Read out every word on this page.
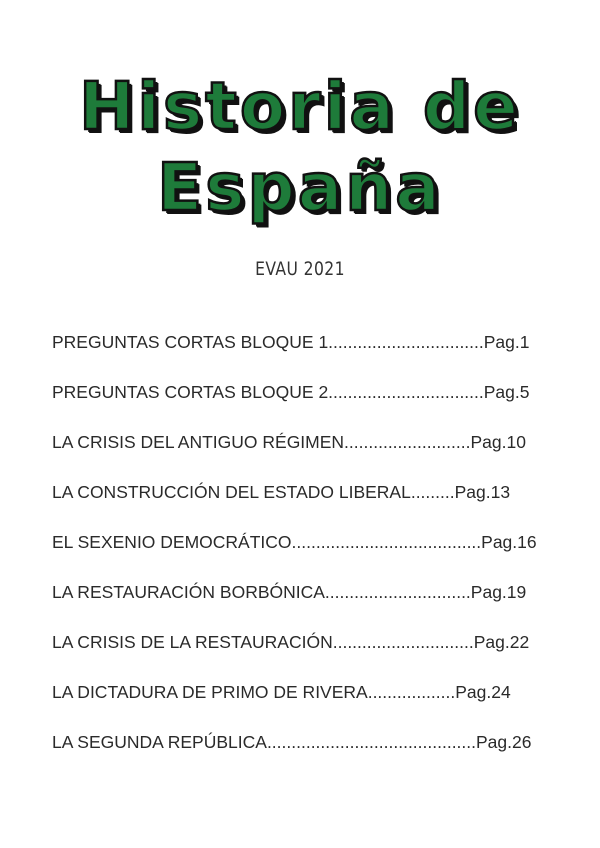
Historia de
España
EVAU 2021
PREGUNTAS CORTAS BLOQUE 1................................Pag.1
PREGUNTAS CORTAS BLOQUE 2................................Pag.5
LA CRISIS DEL ANTIGUO RÉGIMEN..........................Pag.10
LA CONSTRUCCIÓN DEL ESTADO LIBERAL.........Pag.13
EL SEXENIO DEMOCRÁTICO.......................................Pag.16
LA RESTAURACIÓN BORBÓNICA..............................Pag.19
LA CRISIS DE LA RESTAURACIÓN.............................Pag.22
LA DICTADURA DE PRIMO DE RIVERA..................Pag.24
LA SEGUNDA REPÚBLICA...........................................Pag.26
